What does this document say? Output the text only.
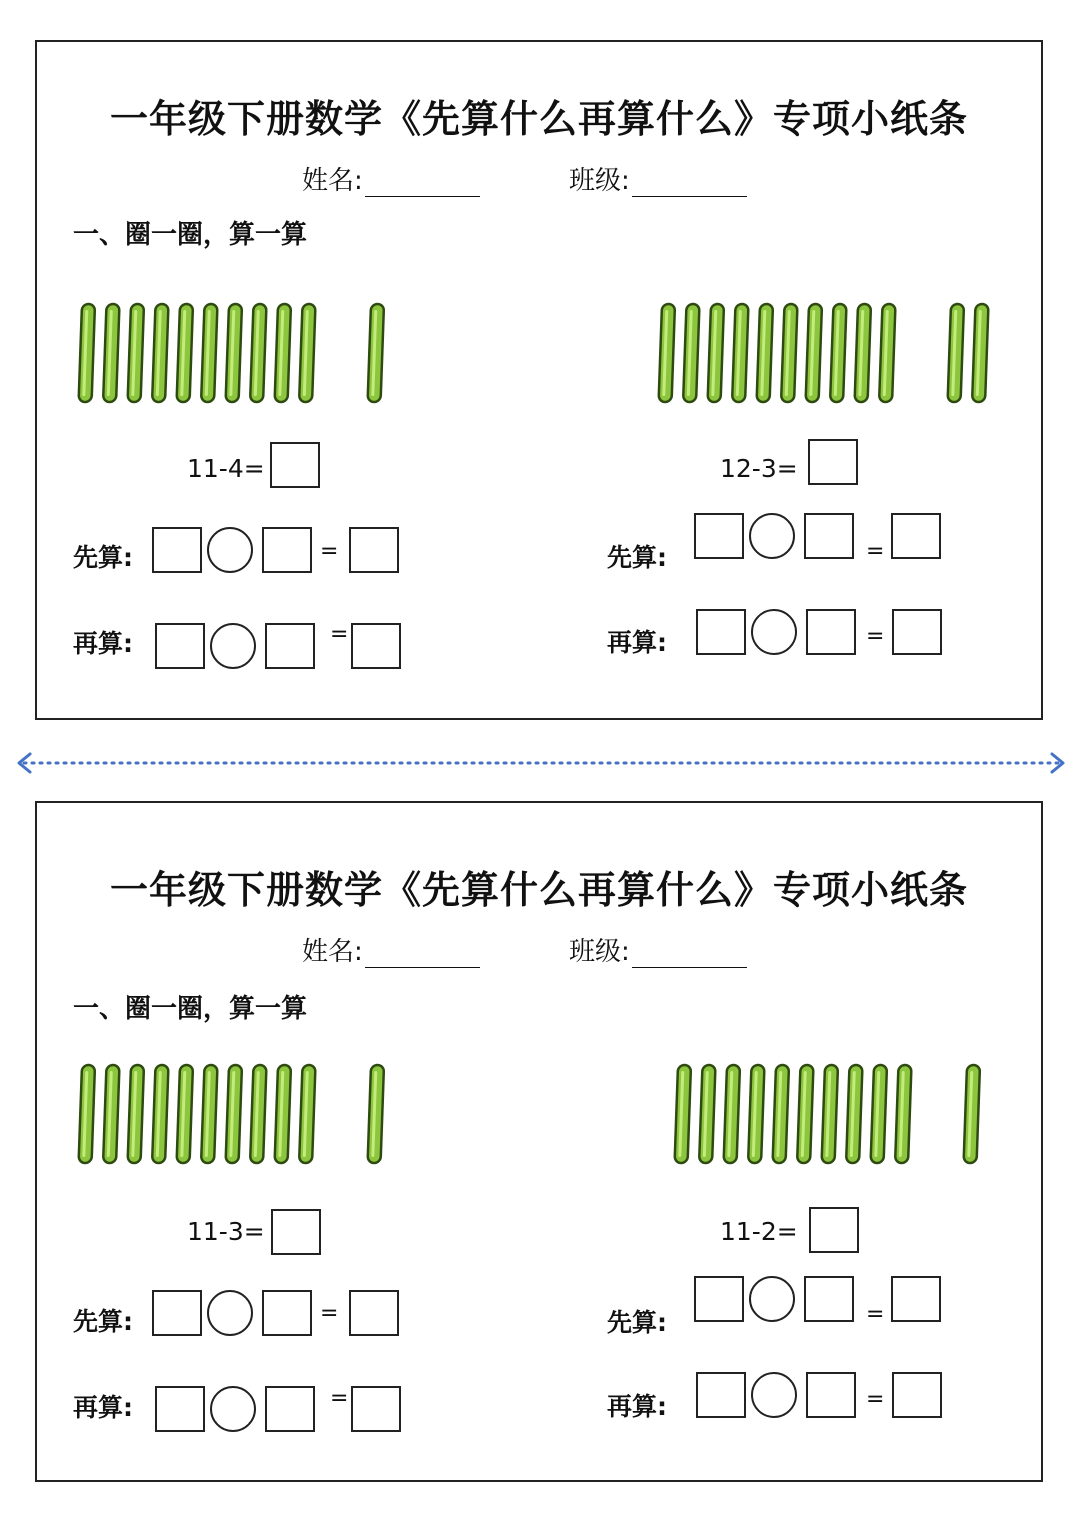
一年级下册数学《先算什么再算什么》专项小纸条
姓名:	班级:
一、圈一圈，算一算
11-4=
先算:	=
再算:	=
12-3=
先算:	=
再算:	=
一年级下册数学《先算什么再算什么》专项小纸条
姓名:	班级:
一、圈一圈，算一算
11-3=
先算:	=
再算:	=
11-2=
先算:	=
再算:	=
